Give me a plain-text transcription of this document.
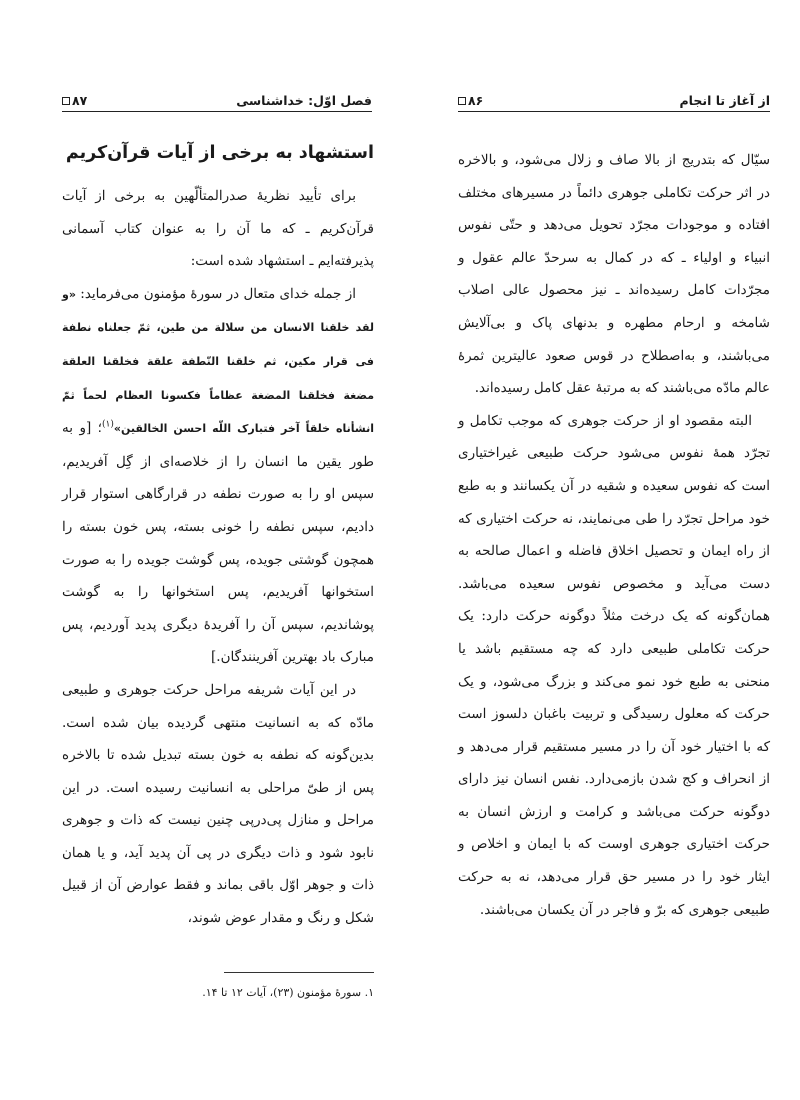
فصل اوّل: خداشناسی
۸۷
استشهاد به برخی از آیات قرآن‌کریم

برای تأیید نظریهٔ صدرالمتألّهین به برخی از آیات قرآن‌کریم ـ که ما آن را به عنوان کتاب آسمانی پذیرفته‌ایم ـ استشهاد شده است:

از جمله خدای متعال در سورهٔ مؤمنون می‌فرماید: «و لقد خلقنا الانسان من سلالة من طین، ثمّ جعلناه نطفة فی قرار مکین، ثم خلقنا النّطفة علقة فخلقنا العلقة مضغة فخلقنا المضغة عظاماً فکسونا العظام لحماً ثمّ انشأناه خلقاً آخر فتبارک اللّه احسن الخالقین»$^{(۱)}$؛ [و به طور یقین ما انسان را از خلاصه‌ای از گِل آفریدیم، سپس او را به صورت نطفه در قرارگاهی استوار قرار دادیم، سپس نطفه را خونی بسته، پس خون بسته را همچون گوشتی جویده، پس گوشت جویده را به صورت استخوانها آفریدیم، پس استخوانها را به گوشت پوشاندیم، سپس آن را آفریدهٔ دیگری پدید آوردیم، پس مبارک باد بهترین آفرینندگان.]

در این آیات شریفه مراحل حرکت جوهری و طبیعی مادّه که به انسانیت منتهی گردیده بیان شده است. بدین‌گونه که نطفه به خون بسته تبدیل شده تا بالاخره پس از طیّ مراحلی به انسانیت رسیده است. در این مراحل و منازل پی‌درپی چنین نیست که ذات و جوهری نابود شود و ذات دیگری در پی آن پدید آید، و یا همان ذات و جوهر اوّل باقی بماند و فقط عوارض آن از قبیل شکل و رنگ و مقدار عوض شوند،

۱. سورهٔ مؤمنون (۲۳)، آیات ۱۲ تا ۱۴.

از آغاز تا انجام
۸۶

سیّال که بتدریج از بالا صاف و زلال می‌شود، و بالاخره در اثر حرکت تکاملی جوهری دائماً در مسیرهای مختلف افتاده و موجودات مجرّد تحویل می‌دهد و حتّی نفوس انبیاء و اولیاء ـ که در کمال به سرحدّ عالم عقول و مجرّدات کامل رسیده‌اند ـ نیز محصول عالی اصلاب شامخه و ارحام مطهره و بدنهای پاک و بی‌آلایش می‌باشند، و به‌اصطلاح در قوس صعود عالیترین ثمرهٔ عالم مادّه می‌باشند که به مرتبهٔ عقل کامل رسیده‌اند.

البته مقصود او از حرکت جوهری که موجب تکامل و تجرّد همهٔ نفوس می‌شود حرکت طبیعی غیراختیاری است که نفوس سعیده و شقیه در آن یکسانند و به طبع خود مراحل تجرّد را طی می‌نمایند، نه حرکت اختیاری که از راه ایمان و تحصیل اخلاق فاضله و اعمال صالحه به دست می‌آید و مخصوص نفوس سعیده می‌باشد. همان‌گونه که یک درخت مثلاً دوگونه حرکت دارد: یک حرکت تکاملی طبیعی دارد که چه مستقیم باشد یا منحنی به طبع خود نمو می‌کند و بزرگ می‌شود، و یک حرکت که معلول رسیدگی و تربیت باغبان دلسوز است که با اختیار خود آن را در مسیر مستقیم قرار می‌دهد و از انحراف و کج شدن بازمی‌دارد. نفس انسان نیز دارای دوگونه حرکت می‌باشد و کرامت و ارزش انسان به حرکت اختیاری جوهری اوست که با ایمان و اخلاص و ایثار خود را در مسیر حق قرار می‌دهد، نه به حرکت طبیعی جوهری که برّ و فاجر در آن یکسان می‌باشند.
